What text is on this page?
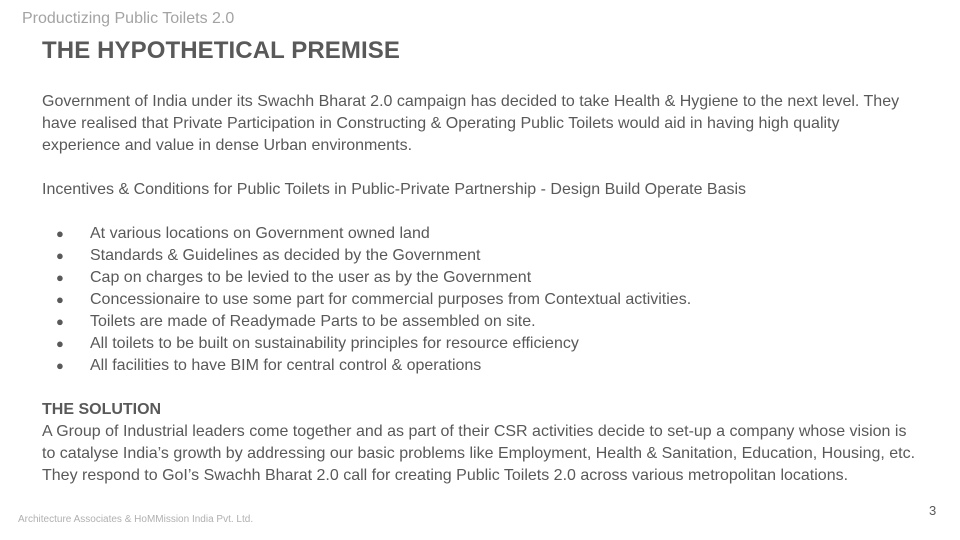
Productizing Public Toilets 2.0
THE HYPOTHETICAL PREMISE

Government of India under its Swachh Bharat 2.0 campaign has decided to take Health & Hygiene to the next level. They

have realised that Private Participation in Constructing & Operating Public Toilets would aid in having high quality

experience and value in dense Urban environments.

Incentives & Conditions for Public Toilets in Public-Private Partnership - Design Build Operate Basis

● At various locations on Government owned land
● Standards & Guidelines as decided by the Government
● Cap on charges to be levied to the user as by the Government
● Concessionaire to use some part for commercial purposes from Contextual activities.
● Toilets are made of Readymade Parts to be assembled on site.
● All toilets to be built on sustainability principles for resource efficiency
● All facilities to have BIM for central control & operations

THE SOLUTION

A Group of Industrial leaders come together and as part of their CSR activities decide to set-up a company whose vision is

to catalyse India’s growth by addressing our basic problems like Employment, Health & Sanitation, Education, Housing, etc.

They respond to GoI’s Swachh Bharat 2.0 call for creating Public Toilets 2.0 across various metropolitan locations.

Architecture Associates & HoMMission India Pvt. Ltd.
3
